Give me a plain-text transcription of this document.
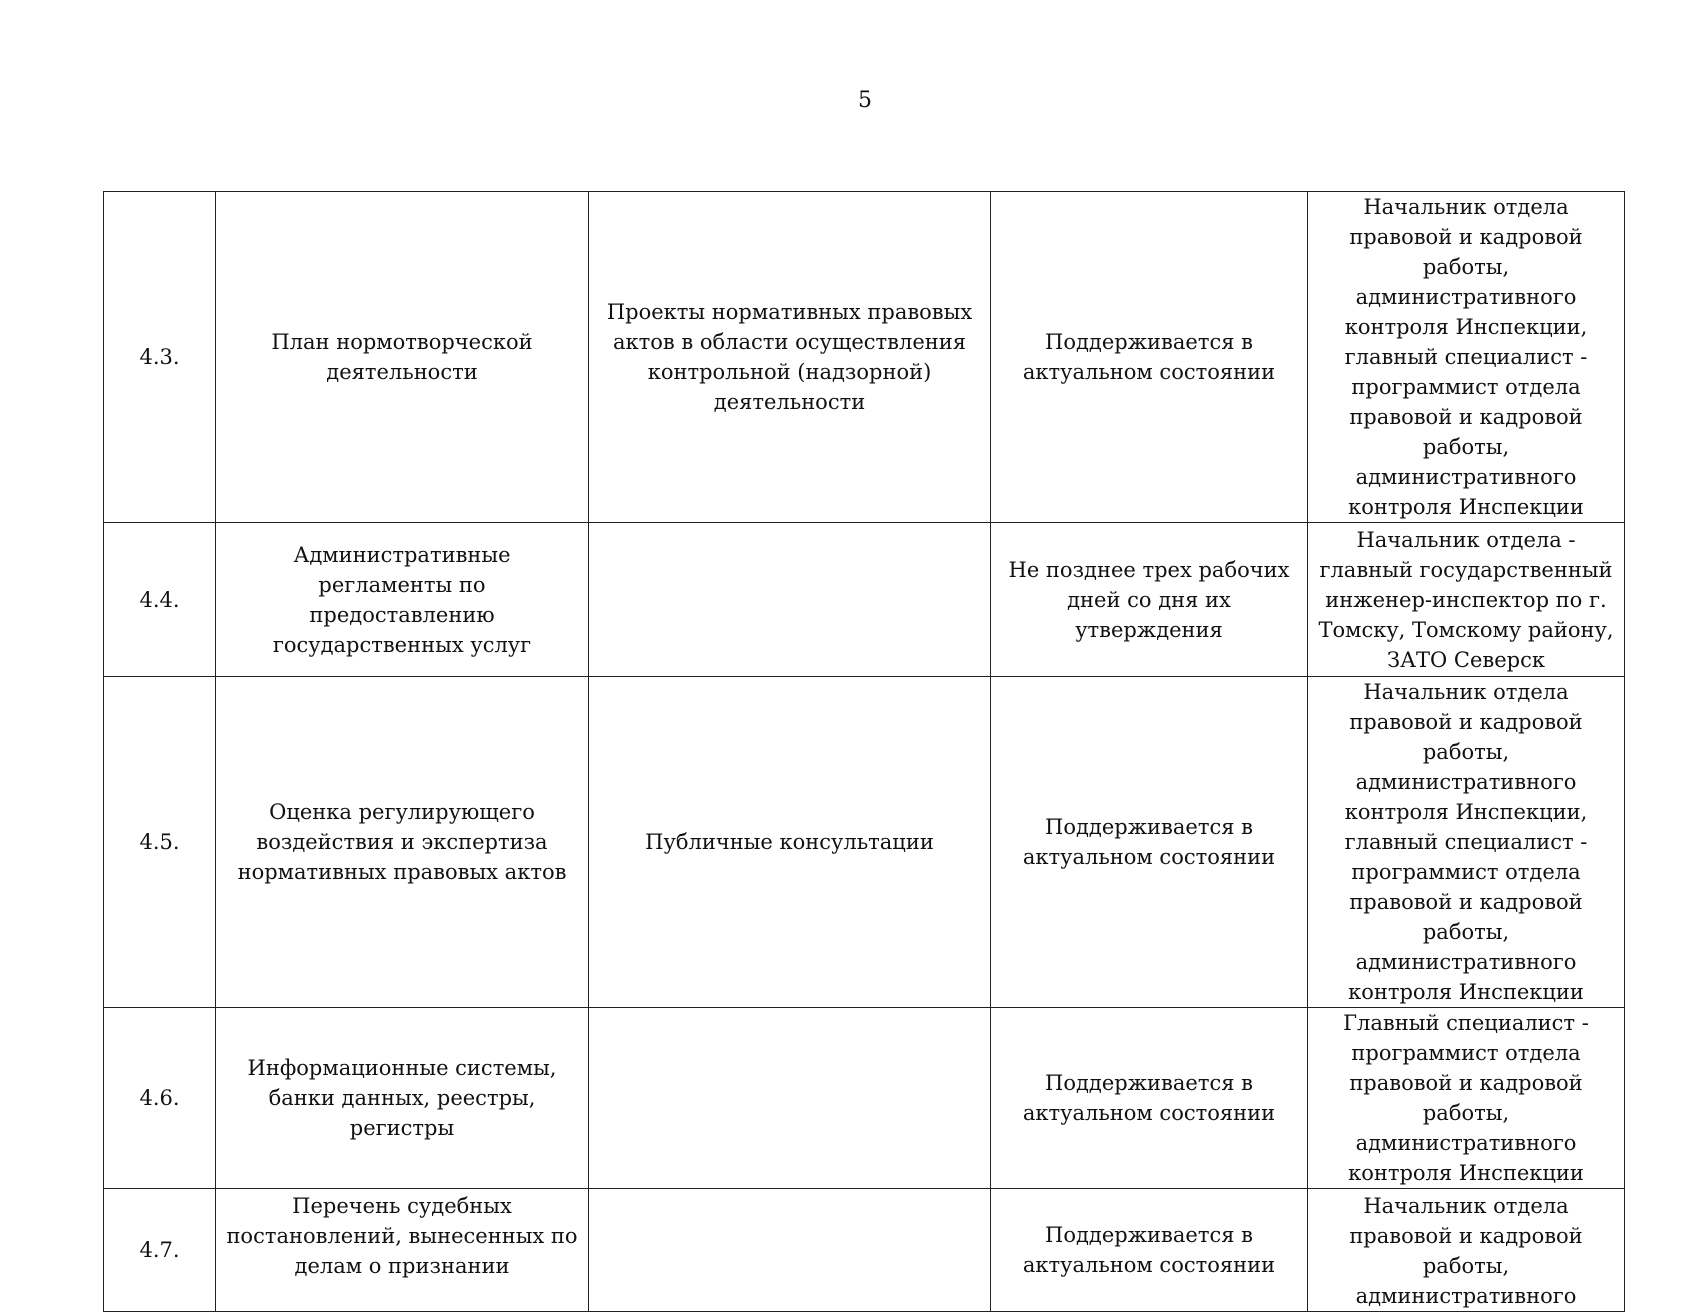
5
4.3.	План нормотворческой деятельности	Проекты нормативных правовых актов в области осуществления контрольной (надзорной) деятельности	Поддерживается в актуальном состоянии	Начальник отдела правовой и кадровой работы, административного контроля Инспекции, главный специалист - программист отдела правовой и кадровой работы, административного контроля Инспекции
4.4.	Административные регламенты по предоставлению государственных услуг		Не позднее трех рабочих дней со дня их утверждения	Начальник отдела - главный государственный инженер-инспектор по г. Томску, Томскому району, ЗАТО Северск
4.5.	Оценка регулирующего воздействия и экспертиза нормативных правовых актов	Публичные консультации	Поддерживается в актуальном состоянии	Начальник отдела правовой и кадровой работы, административного контроля Инспекции, главный специалист - программист отдела правовой и кадровой работы, административного контроля Инспекции
4.6.	Информационные системы, банки данных, реестры, регистры		Поддерживается в актуальном состоянии	Главный специалист - программист отдела правовой и кадровой работы, административного контроля Инспекции
4.7.	Перечень судебных постановлений, вынесенных по делам о признании		Поддерживается в актуальном состоянии	Начальник отдела правовой и кадровой работы, административного
